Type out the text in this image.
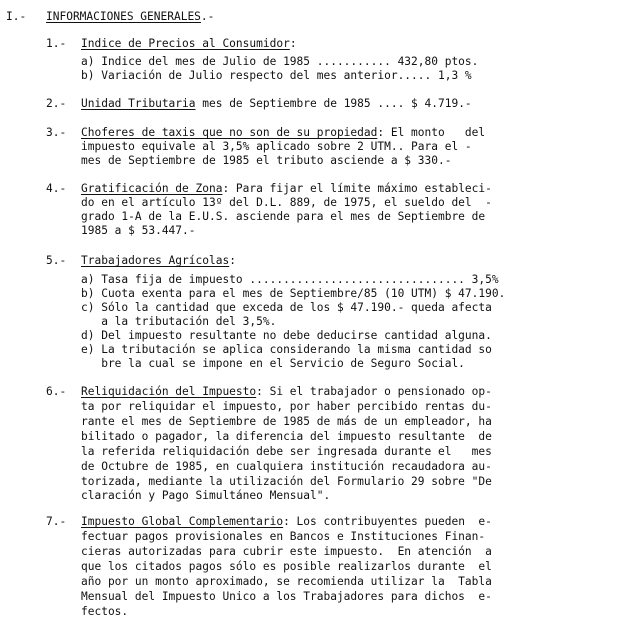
I.- INFORMACIONES GENERALES.-
1.- Indice de Precios al Consumidor:
a) Indice del mes de Julio de 1985 ........... 432,80 ptos.
b) Variación de Julio respecto del mes anterior..... 1,3 %
2.- Unidad Tributaria mes de Septiembre de 1985 .... $ 4.719.-
3.- Choferes de taxis que no son de su propiedad: El monto   del
impuesto equivale al 3,5% aplicado sobre 2 UTM.. Para el -
mes de Septiembre de 1985 el tributo asciende a $ 330.-
4.- Gratificación de Zona: Para fijar el límite máximo estableci-
do en el artículo 13º del D.L. 889, de 1975, el sueldo del  -
grado 1-A de la E.U.S. asciende para el mes de Septiembre de
1985 a $ 53.447.-
5.- Trabajadores Agrícolas:
a) Tasa fija de impuesto ................................ 3,5%
b) Cuota exenta para el mes de Septiembre/85 (10 UTM) $ 47.190.
c) Sólo la cantidad que exceda de los $ 47.190.- queda afecta
a la tributación del 3,5%.
d) Del impuesto resultante no debe deducirse cantidad alguna.
e) La tributación se aplica considerando la misma cantidad so
bre la cual se impone en el Servicio de Seguro Social.
6.- Reliquidación del Impuesto: Si el trabajador o pensionado op-
ta por reliquidar el impuesto, por haber percibido rentas du-
rante el mes de Septiembre de 1985 de más de un empleador, ha
bilitado o pagador, la diferencia del impuesto resultante  de
la referida reliquidación debe ser ingresada durante el   mes
de Octubre de 1985, en cualquiera institución recaudadora au-
torizada, mediante la utilización del Formulario 29 sobre "De
claración y Pago Simultáneo Mensual".
7.- Impuesto Global Complementario: Los contribuyentes pueden  e-
fectuar pagos provisionales en Bancos e Instituciones Finan-
cieras autorizadas para cubrir este impuesto.  En atención  a
que los citados pagos sólo es posible realizarlos durante  el
año por un monto aproximado, se recomienda utilizar la  Tabla
Mensual del Impuesto Unico a los Trabajadores para dichos  e-
fectos.
